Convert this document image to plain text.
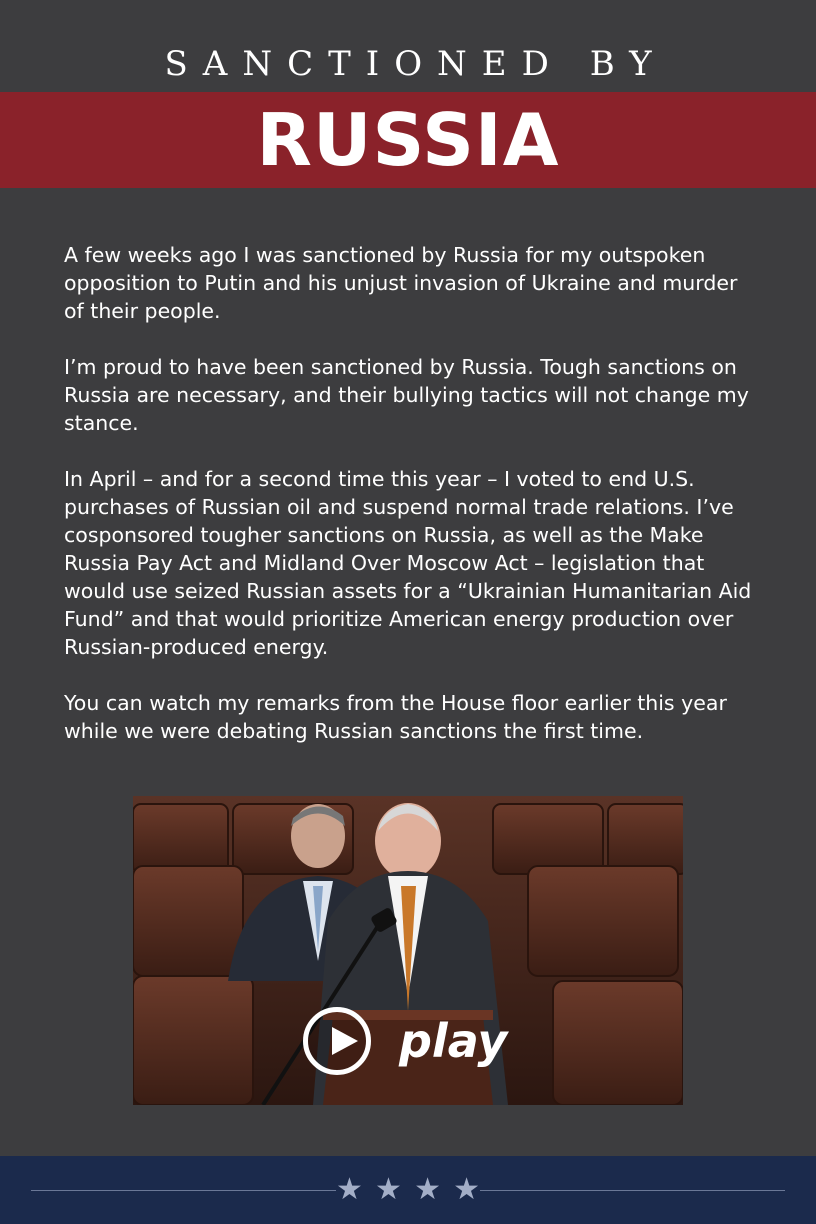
SANCTIONED BY
RUSSIA

A few weeks ago I was sanctioned by Russia for my outspoken opposition to Putin and his unjust invasion of Ukraine and murder of their people.

I’m proud to have been sanctioned by Russia. Tough sanctions on Russia are necessary, and their bullying tactics will not change my stance.

In April – and for a second time this year – I voted to end U.S. purchases of Russian oil and suspend normal trade relations. I’ve cosponsored tougher sanctions on Russia, as well as the Make Russia Pay Act and Midland Over Moscow Act – legislation that would use seized Russian assets for a “Ukrainian Humanitarian Aid Fund” and that would prioritize American energy production over Russian-produced energy.

You can watch my remarks from the House floor earlier this year while we were debating Russian sanctions the first time.

play
★ ★ ★ ★
